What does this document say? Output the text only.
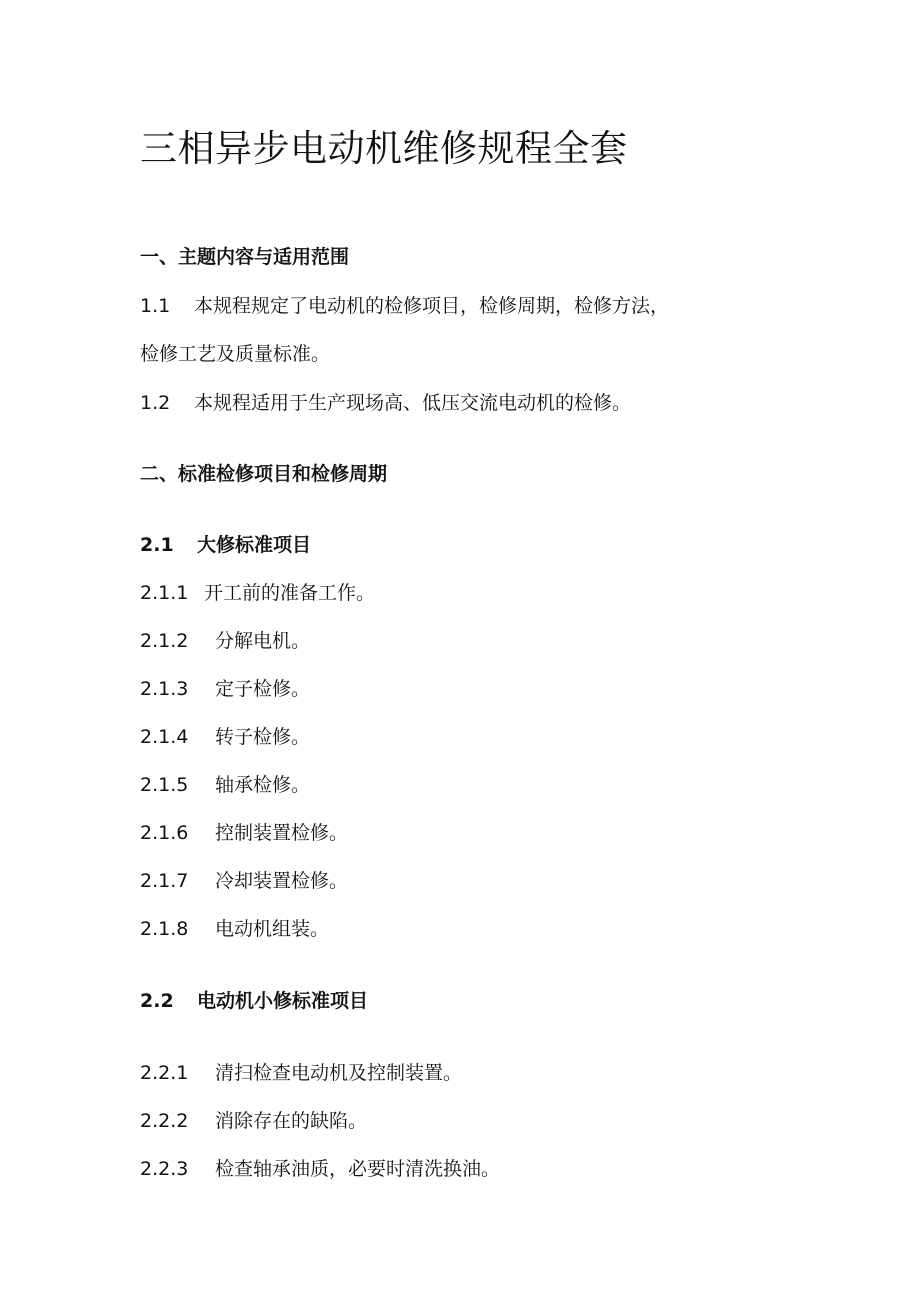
三相异步电动机维修规程全套
一、主题内容与适用范围
1.1 本规程规定了电动机的检修项目，检修周期，检修方法，
检修工艺及质量标准。
1.2 本规程适用于生产现场高、低压交流电动机的检修。
二、标准检修项目和检修周期
2.1 大修标准项目
2.1.1 开工前的准备工作。
2.1.2 分解电机。
2.1.3 定子检修。
2.1.4 转子检修。
2.1.5 轴承检修。
2.1.6 控制装置检修。
2.1.7 冷却装置检修。
2.1.8 电动机组装。
2.2 电动机小修标准项目
2.2.1 清扫检查电动机及控制装置。
2.2.2 消除存在的缺陷。
2.2.3 检查轴承油质，必要时清洗换油。
